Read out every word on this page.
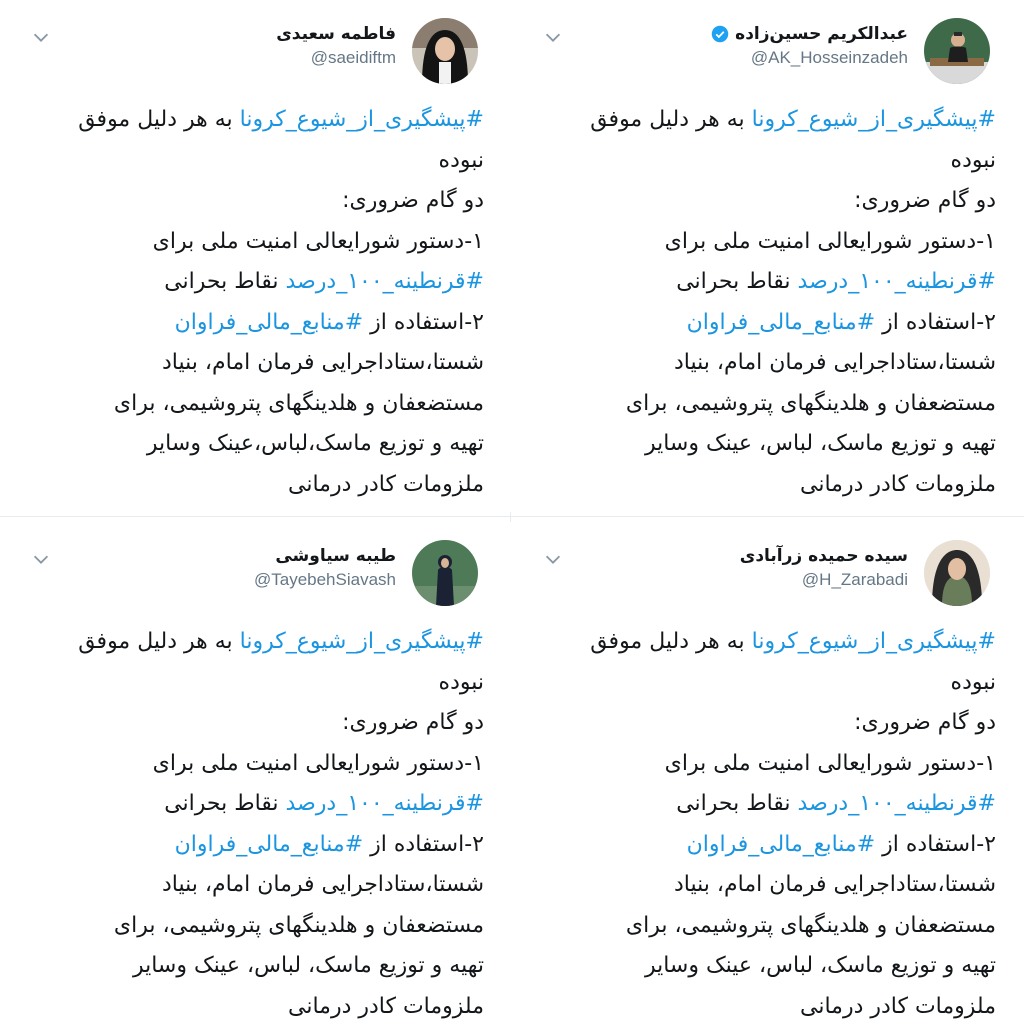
فاطمه سعیدی
@saeidiftm
#پیشگیری_از_شیوع_کرونا به هر دلیل موفق
نبوده
دو گام ضروری:
۱-دستور شورایعالی امنیت ملی برای
#قرنطینه_۱۰۰_درصد نقاط بحرانی
۲-استفاده از #منابع_مالی_فراوان
شستا،ستاداجرایی فرمان امام، بنیاد
مستضعفان و هلدینگهای پتروشیمی، برای
تهیه و توزیع ماسک،لباس،عینک وسایر
ملزومات کادر درمانی
عبدالکریم حسین‌زاده
@AK_Hosseinzadeh
#پیشگیری_از_شیوع_کرونا به هر دلیل موفق
نبوده
دو گام ضروری:
۱-دستور شورایعالی امنیت ملی برای
#قرنطینه_۱۰۰_درصد نقاط بحرانی
۲-استفاده از #منابع_مالی_فراوان
شستا،ستاداجرایی فرمان امام، بنیاد
مستضعفان و هلدینگهای پتروشیمی، برای
تهیه و توزیع ماسک، لباس، عینک وسایر
ملزومات کادر درمانی
طیبه سیاوشی
@TayebehSiavash
#پیشگیری_از_شیوع_کرونا به هر دلیل موفق
نبوده
دو گام ضروری:
۱-دستور شورایعالی امنیت ملی برای
#قرنطینه_۱۰۰_درصد نقاط بحرانی
۲-استفاده از #منابع_مالی_فراوان
شستا،ستاداجرایی فرمان امام، بنیاد
مستضعفان و هلدینگهای پتروشیمی، برای
تهیه و توزیع ماسک، لباس، عینک وسایر
ملزومات کادر درمانی
سیده حمیده زرآبادی
@H_Zarabadi
#پیشگیری_از_شیوع_کرونا به هر دلیل موفق
نبوده
دو گام ضروری:
۱-دستور شورایعالی امنیت ملی برای
#قرنطینه_۱۰۰_درصد نقاط بحرانی
۲-استفاده از #منابع_مالی_فراوان
شستا،ستاداجرایی فرمان امام، بنیاد
مستضعفان و هلدینگهای پتروشیمی، برای
تهیه و توزیع ماسک، لباس، عینک وسایر
ملزومات کادر درمانی
